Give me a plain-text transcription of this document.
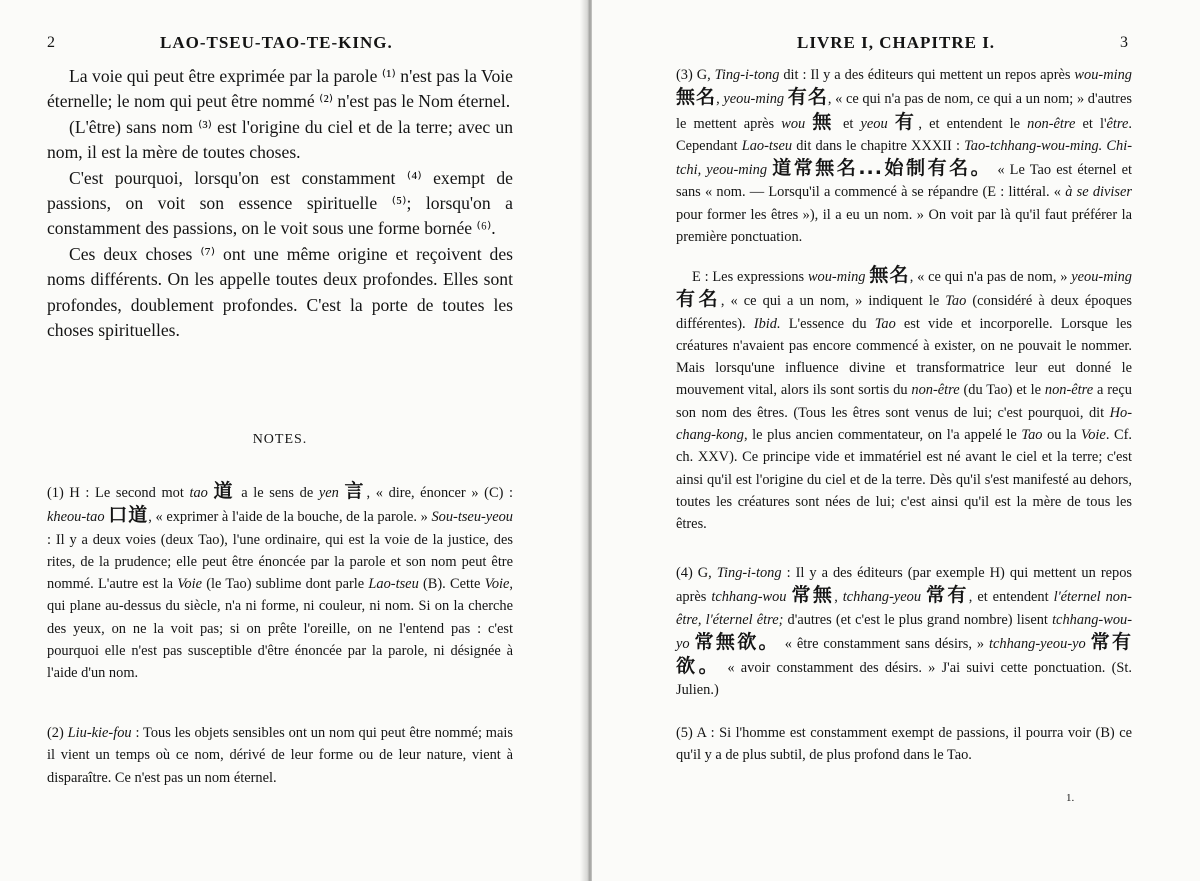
2	LAO-TSEU-TAO-TE-KING.

La voie qui peut être exprimée par la parole ⁽¹⁾ n'est pas la Voie éternelle; le nom qui peut être nommé ⁽²⁾ n'est pas le Nom éternel.

(L'être) sans nom ⁽³⁾ est l'origine du ciel et de la terre; avec un nom, il est la mère de toutes choses.

C'est pourquoi, lorsqu'on est constamment ⁽⁴⁾ exempt de passions, on voit son essence spirituelle ⁽⁵⁾; lorsqu'on a constamment des passions, on le voit sous une forme bornée ⁽⁶⁾.

Ces deux choses ⁽⁷⁾ ont une même origine et reçoivent des noms différents. On les appelle toutes deux profondes. Elles sont profondes, doublement profondes. C'est la porte de toutes les choses spirituelles.

NOTES.

(1) H : Le second mot tao 道 a le sens de yen 言, « dire, énoncer » (C) : kheou-tao 口道, « exprimer à l'aide de la bouche, de la parole. » Sou-tseu-yeou : Il y a deux voies (deux Tao), l'une ordinaire, qui est la voie de la justice, des rites, de la prudence; elle peut être énoncée par la parole et son nom peut être nommé. L'autre est la Voie (le Tao) sublime dont parle Lao-tseu (B). Cette Voie, qui plane au-dessus du siècle, n'a ni forme, ni couleur, ni nom. Si on la cherche des yeux, on ne la voit pas; si on prête l'oreille, on ne l'entend pas : c'est pourquoi elle n'est pas susceptible d'être énoncée par la parole, ni désignée à l'aide d'un nom.

(2) Liu-kie-fou : Tous les objets sensibles ont un nom qui peut être nommé; mais il vient un temps où ce nom, dérivé de leur forme ou de leur nature, vient à disparaître. Ce n'est pas un nom éternel.

LIVRE I, CHAPITRE I.	3

(3) G, Ting-i-tong dit : Il y a des éditeurs qui mettent un repos après wou-ming 無名, yeou-ming 有名, « ce qui n'a pas de nom, ce qui a un nom; » d'autres le mettent après wou 無 et yeou 有, et entendent le non-être et l'être. Cependant Lao-tseu dit dans le chapitre XXXII : Tao-tchhang-wou-ming. Chi-tchi, yeou-ming 道常無名...始制有名。 « Le Tao est éternel et sans « nom. — Lorsqu'il a commencé à se répandre (E : littéral. « à se diviser pour former les êtres »), il a eu un nom. » On voit par là qu'il faut préférer la première ponctuation.

E : Les expressions wou-ming 無名, « ce qui n'a pas de nom, » yeou-ming 有名, « ce qui a un nom, » indiquent le Tao (considéré à deux époques différentes). Ibid. L'essence du Tao est vide et incorporelle. Lorsque les créatures n'avaient pas encore commencé à exister, on ne pouvait le nommer. Mais lorsqu'une influence divine et transformatrice leur eut donné le mouvement vital, alors ils sont sortis du non-être (du Tao) et le non-être a reçu son nom des êtres. (Tous les êtres sont venus de lui; c'est pourquoi, dit Ho-chang-kong, le plus ancien commentateur, on l'a appelé le Tao ou la Voie. Cf. ch. XXV). Ce principe vide et immatériel est né avant le ciel et la terre; c'est ainsi qu'il est l'origine du ciel et de la terre. Dès qu'il s'est manifesté au dehors, toutes les créatures sont nées de lui; c'est ainsi qu'il est la mère de tous les êtres.

(4) G, Ting-i-tong : Il y a des éditeurs (par exemple H) qui mettent un repos après tchhang-wou 常無, tchhang-yeou 常有, et entendent l'éternel non-être, l'éternel être; d'autres (et c'est le plus grand nombre) lisent tchhang-wou-yo 常無欲。 « être constamment sans désirs, » tchhang-yeou-yo 常有欲。 « avoir constamment des désirs. » J'ai suivi cette ponctuation. (St. Julien.)

(5) A : Si l'homme est constamment exempt de passions, il pourra voir (B) ce qu'il y a de plus subtil, de plus profond dans le Tao.

1.
